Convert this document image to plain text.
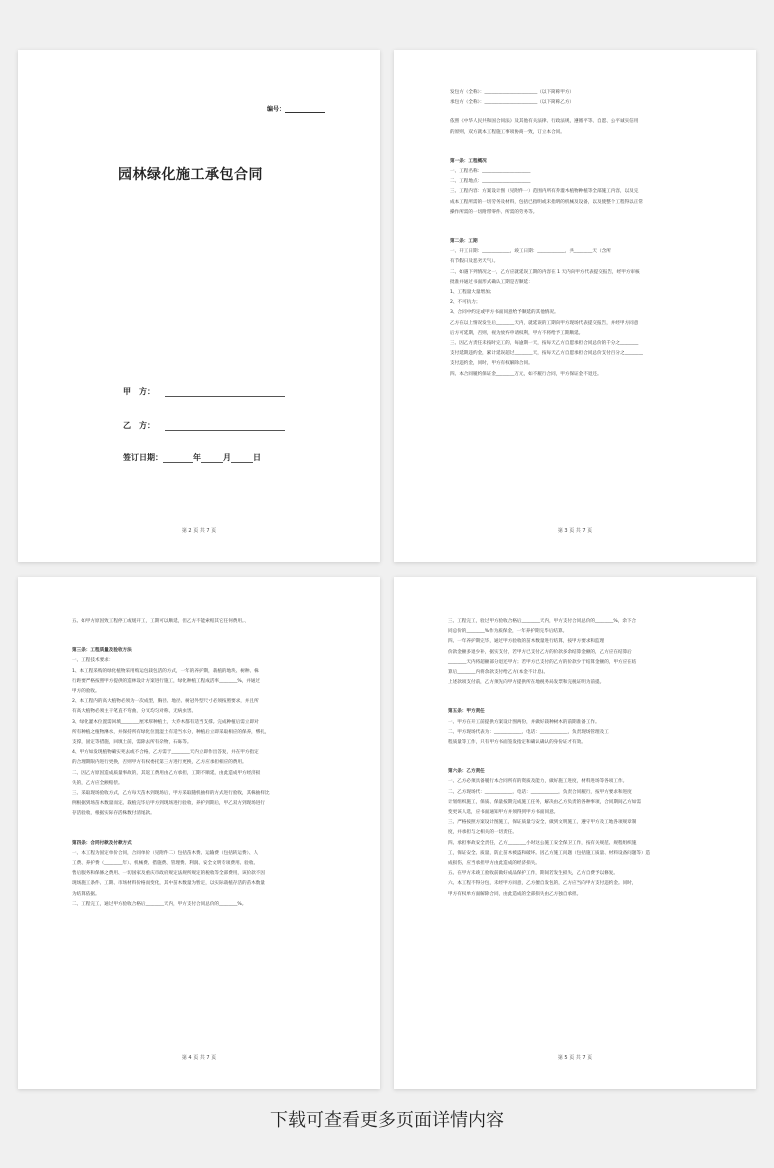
编号：
园林绿化施工承包合同
甲　方：
乙　方：
签订日期：	年	月	日
第 2 页 共 7 页

发包方（全称）：_______________________（以下简称甲方）

承包方（全称）：_______________________（以下简称乙方）

依照《中华人民共和国合同法》及其他有关法律、行政法规，遵循平等、自愿、公平诚实信用

的原则，双方就本工程施工事项协商一致，订立本合同。

第一条：工程概况

一、工程名称：_____________________

二、工程地点：_____________________

三、工程内容：方案设计图（见附件一）范围内所有乔灌木植物种植等全部施工内容，以及完

成本工程所需的一切劳务及材料，包括已指明或未指明的机械及设备，以及使整个工程得以正常

操作所需的一切附带零件、所需的劳务等。

第二条：工期

一、开工日期：____________，竣工日期：____________，共________天（含所

有节假日及恶劣天气）。

二、如遇下列情况之一，乙方应就延误工期的内容在 1 天内向甲方代表提交报告，经甲方审核

批准并通过书面形式确认工期是否顺延：

1、工程量大量增加；

2、不可抗力；

3、合同中约定或甲方书面同意给予顺延的其他情况。

乙方在以上情况发生后________天内，就延误的工期向甲方现场代表提交报告，并经甲方同意

后方可延期，否则，视为放弃申请权利，甲方不将给予工期顺延。

三、因乙方责任未按时完工的，每逾期一天，按每天乙方自愿承担合同总价的千分之________

支付延期违约金，累计延误超过________天，按每天乙方自愿承担合同总价支付百分之________

支付违约金，同时，甲方有权解除合同。

四、本合同履约保证金________万元，如不履行合同，甲方保证金不退还。

第 3 页 共 7 页

五、如甲方原因致工程停工或缓开工，工期可以顺延，但乙方不能索赔其它任何费用。、

第三条：工程质量及验收方法

一、工程技术要求：

1、本工程采购的绿化植物采用购运包栽包活的方式，一年的养护期，栽植的地块、树种、株

行距要严格按照甲方提供的造林设计方案进行施工，绿化种植工程成活率________%，并通过

甲方的验收。

2、本工程内的高大植物必须为一次成型，胸径、地径、树冠外型尺寸必须按照要求，并且所

有高大植物必须主干笔直不弯曲，分叉均匀对称，无病虫害。

3、绿化灌木位置需回填________厘米厚种植土，大乔木都有适当支撑。完成种植后需立即对

所有种植之植物淋水，并保持所有绿化位置湿土有适当水分，种植后立即采取相应的保养，绑扎，

支撑，固定等措施，回填土前，需除去所有杂物，石砾等。

4、甲方如发现植物确实死去或不合格，乙方需于________天内立即作出答复，并在甲方指定

的合理期限内进行更换，否则甲方有权委托第三方进行更换，乙方应承担相应的费用。

二、因乙方原因造成质量事故的，其返工费用由乙方承担，工期不顺延，由此造成甲方经济损

失的，乙方应全额赔偿。

三、采取现场验收方式，乙方每天苗木到现场后，甲方采取随机抽样的方式进行验收，其株抽样比

例根据到场苗木数量而定。栽植完毕后甲方到现场进行验收，养护到期后，甲乙双方到现场进行

存活验收，根据实际存活株数付清尾款。

第四条：合同付款及付款方式

一、本工程为固定单价合同，合同单价（见附件二）包括苗木费、运输费（包括转运费）、人

工费、养护费（________年）、机械费、措施费、管理费、利润、安全文明专项费用、验收、

售后服务和保修之费用、一切国家及重庆市政府规定法规所规定的税收等全部费用，该价款不因

现场施工条件、工期、市场材料价格而变化，其中苗木数量为暂定，以实际栽植存活的苗木数量

为结算依据。

二、工程完工，通过甲方验收合格后________天内，甲方支付合同总价的________%。

第 4 页 共 7 页

三、工程完工，验过甲方验收合格后________天内，甲方支付合同总价的________%，余下合

同总价的________%作为质保金，一年养护期完毕后结算。

四、一年养护期完毕，通过甲方验收的苗木数量进行结算，按甲方要求和监理

价款金额多退少补，据实支付，若甲方已支付乙方的价款多余结算金额的，乙方应在结算后

________天内将超额部分退还甲方；若甲方已支付的乙方的价款少于结算金额的，甲方应在结

算后________内将余款支付给乙方(本金不计息)。

上述款项支付前，乙方须先向甲方提供所在地税务局发票和完税证明为前提。

第五条：甲方责任

一、甲方在开工前提供方案设计图两份，并做好栽种树木的前期准备工作。

二、甲方现场代表为：____________，电话：____________，负责现场管理及工

程质量等工作，只有甲方书面签发指定和确认确认的身份证才有效。

第六条：乙方责任

一、乙方必须具备履行本合同所有的资质及能力，做好施工进度，材料进场等各项工作。

二、乙方现场代：____________，电话：____________，负责合同履行，按甲方要求和进度

计划组织施工，保质、保量按期完成施工任务，解决由乙方负责的各种事项，合同期间乙方如需

变更该人选，应书面通知甲方并须得到甲方书面同意。

三、严格按照方案设计图施工，保证质量与安全，做到文明施工，遵守甲方及工地各项规章制

度，并承担与之相关的一切责任。

四、承担事故安全责任，乙方________小时这公施工安全保卫工作，按有关规范、规程组织施

工，保证安全、质量，防止苗木被盗和破坏。因乙方施工问题（包括施工质量、材料设备问题等）造

成损伤，应当承担甲方由此造成的经济损失。

五、在甲方未竣工验收前做好成品保护工作，期间若发生损失，乙方自费予以修复。

六、本工程不得分包，未经甲方同意，乙方擅自发包的，乙方应当向甲方支付违约金。同时，

甲方有权单方面解除合同，由此造成的全部损失由乙方独自承担。

第 5 页 共 7 页
下载可查看更多页面详情内容
